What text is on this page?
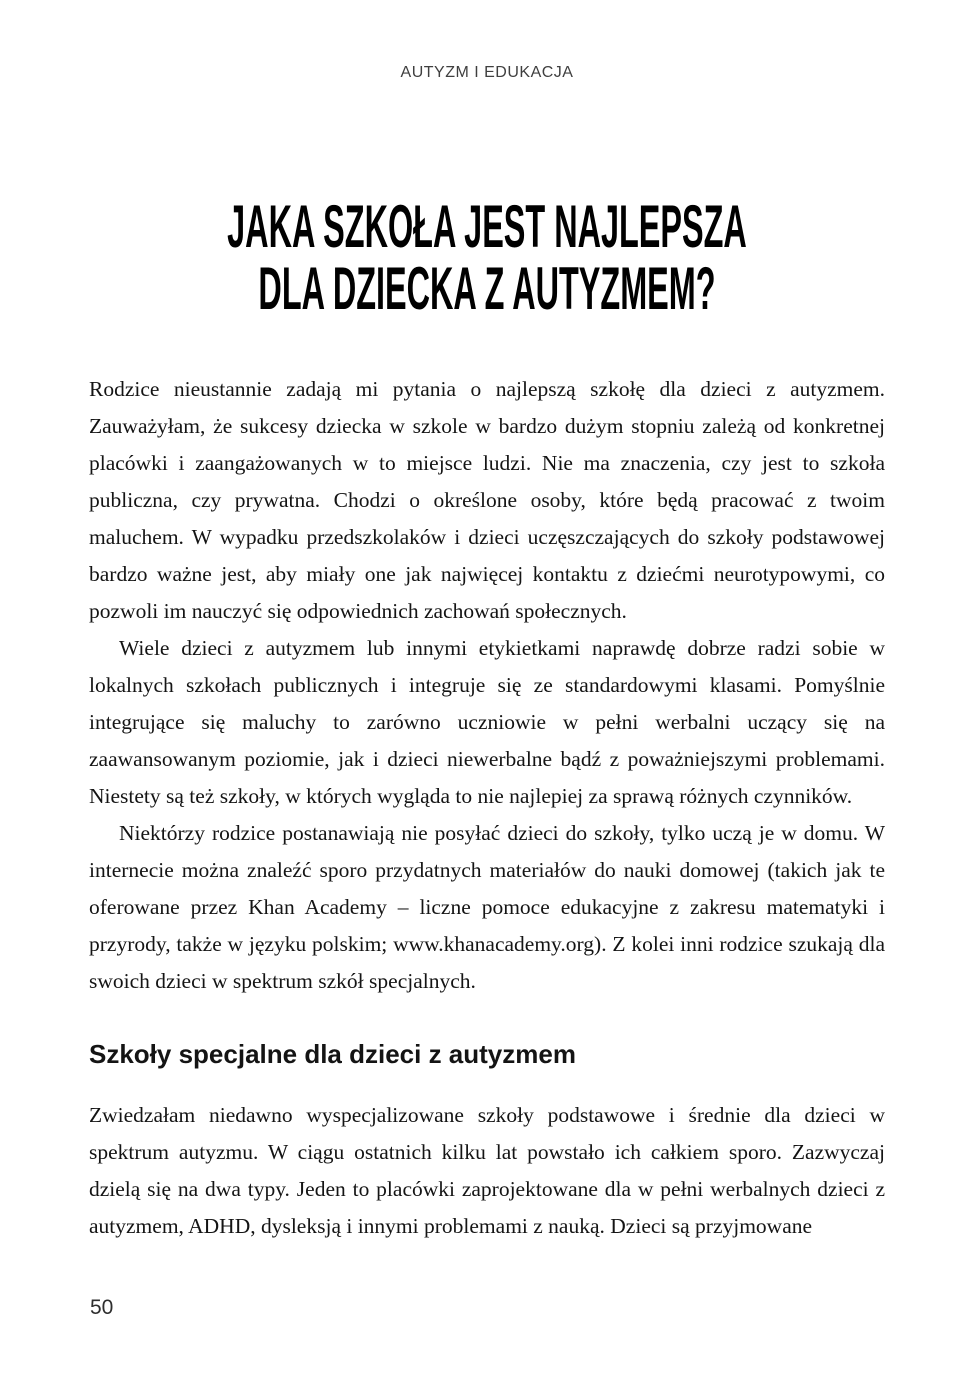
AUTYZM I EDUKACJA
JAKA SZKOŁA JEST NAJLEPSZA
DLA DZIECKA Z AUTYZMEM?

Rodzice nieustannie zadają mi pytania o najlepszą szkołę dla dzieci z autyzmem. Zauważyłam, że sukcesy dziecka w szkole w bardzo dużym stopniu zależą od konkretnej placówki i zaangażowanych w to miejsce ludzi. Nie ma znaczenia, czy jest to szkoła publiczna, czy prywatna. Chodzi o określone osoby, które będą pracować z twoim maluchem. W wypadku przedszkolaków i dzieci uczęszczających do szkoły podstawowej bardzo ważne jest, aby miały one jak najwięcej kontaktu z dziećmi neurotypowymi, co pozwoli im nauczyć się odpowiednich zachowań społecznych.

Wiele dzieci z autyzmem lub innymi etykietkami naprawdę dobrze radzi sobie w lokalnych szkołach publicznych i integruje się ze standardowymi klasami. Pomyślnie integrujące się maluchy to zarówno uczniowie w pełni werbalni uczący się na zaawansowanym poziomie, jak i dzieci niewerbalne bądź z poważniejszymi problemami. Niestety są też szkoły, w których wygląda to nie najlepiej za sprawą różnych czynników.

Niektórzy rodzice postanawiają nie posyłać dzieci do szkoły, tylko uczą je w domu. W internecie można znaleźć sporo przydatnych materiałów do nauki domowej (takich jak te oferowane przez Khan Academy – liczne pomoce edukacyjne z zakresu matematyki i przyrody, także w języku polskim; www.khanacademy.org). Z kolei inni rodzice szukają dla swoich dzieci w spektrum szkół specjalnych.

Szkoły specjalne dla dzieci z autyzmem

Zwiedzałam niedawno wyspecjalizowane szkoły podstawowe i średnie dla dzieci w spektrum autyzmu. W ciągu ostatnich kilku lat powstało ich całkiem sporo. Zazwyczaj dzielą się na dwa typy. Jeden to placówki zaprojektowane dla w pełni werbalnych dzieci z autyzmem, ADHD, dysleksją i innymi problemami z nauką. Dzieci są przyjmowane

50
